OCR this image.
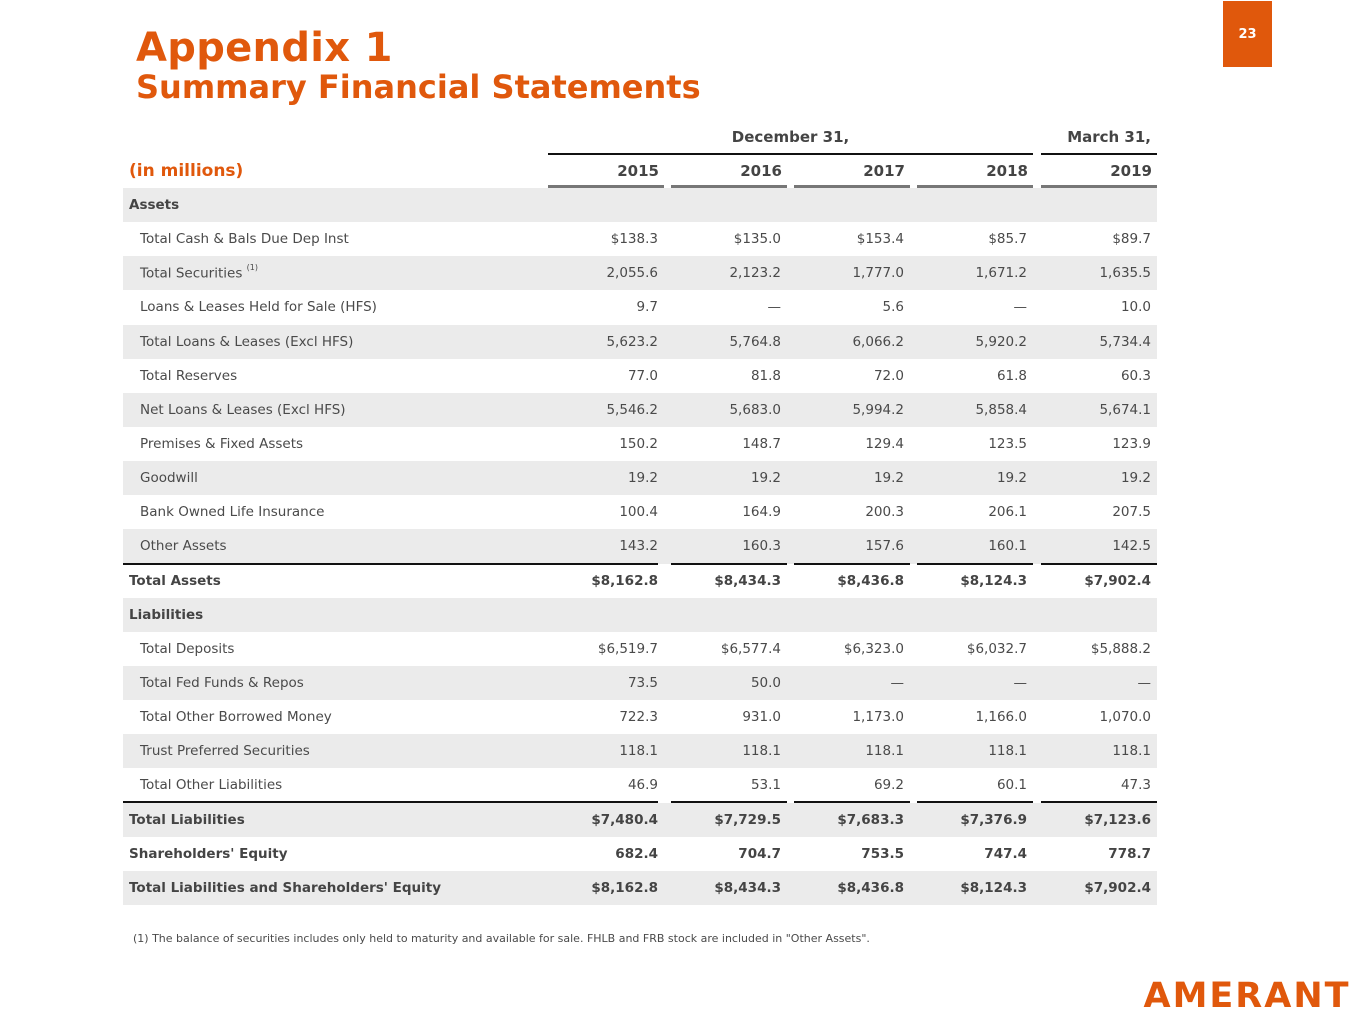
Appendix 1
Summary Financial Statements
23
December 31,	March 31,
(in millions)	2015	2016	2017	2018	2019
Assets
Total Cash & Bals Due Dep Inst	$138.3	$135.0	$153.4	$85.7	$89.7
Total Securities $^{(1)}$	2,055.6	2,123.2	1,777.0	1,671.2	1,635.5
Loans & Leases Held for Sale (HFS)	9.7	—	5.6	—	10.0
Total Loans & Leases (Excl HFS)	5,623.2	5,764.8	6,066.2	5,920.2	5,734.4
Total Reserves	77.0	81.8	72.0	61.8	60.3
Net Loans & Leases (Excl HFS)	5,546.2	5,683.0	5,994.2	5,858.4	5,674.1
Premises & Fixed Assets	150.2	148.7	129.4	123.5	123.9
Goodwill	19.2	19.2	19.2	19.2	19.2
Bank Owned Life Insurance	100.4	164.9	200.3	206.1	207.5
Other Assets	143.2	160.3	157.6	160.1	142.5
Total Assets	$8,162.8	$8,434.3	$8,436.8	$8,124.3	$7,902.4
Liabilities
Total Deposits	$6,519.7	$6,577.4	$6,323.0	$6,032.7	$5,888.2
Total Fed Funds & Repos	73.5	50.0	—	—	—
Total Other Borrowed Money	722.3	931.0	1,173.0	1,166.0	1,070.0
Trust Preferred Securities	118.1	118.1	118.1	118.1	118.1
Total Other Liabilities	46.9	53.1	69.2	60.1	47.3
Total Liabilities	$7,480.4	$7,729.5	$7,683.3	$7,376.9	$7,123.6
Shareholders' Equity	682.4	704.7	753.5	747.4	778.7
Total Liabilities and Shareholders' Equity	$8,162.8	$8,434.3	$8,436.8	$8,124.3	$7,902.4
(1) The balance of securities includes only held to maturity and available for sale. FHLB and FRB stock are included in "Other Assets".
AMERANT
